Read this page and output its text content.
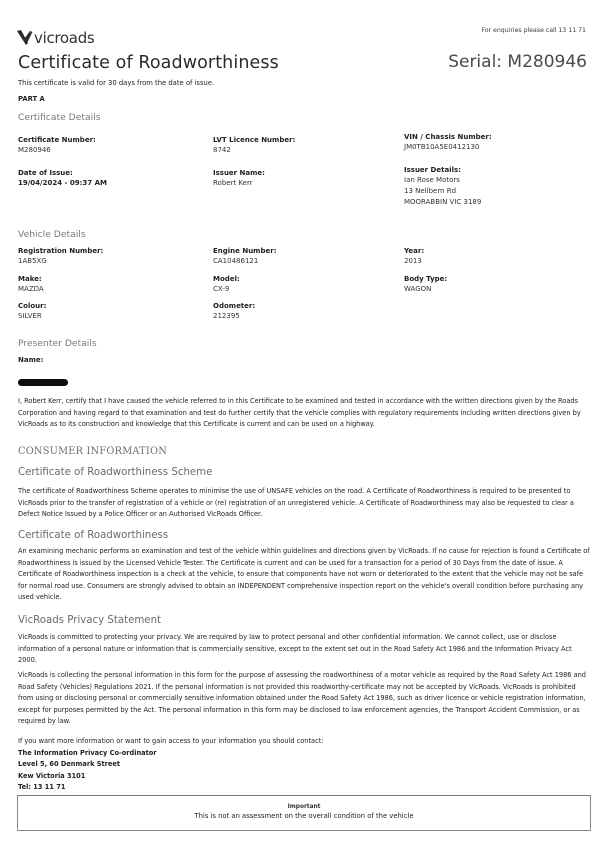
For enquiries please call 13 11 71
vicroads
Certificate of Roadworthiness	Serial: M280946
This certificate is valid for 30 days from the date of issue.
PART A
Certificate Details
Certificate Number:
M280946
LVT Licence Number:
8742
VIN / Chassis Number:
JM0TB10A5E0412130
Date of Issue:
19/04/2024 - 09:37 AM
Issuer Name:
Robert Kerr
Issuer Details:
Ian Rose Motors
13 Nellbern Rd
MOORABBIN VIC 3189
Vehicle Details
Registration Number:
1AB5XG
Engine Number:
CA10486121
Year:
2013
Make:
MAZDA
Model:
CX-9
Body Type:
WAGON
Colour:
SILVER
Odometer:
212395
Presenter Details
Name:
I, Robert Kerr, certify that I have caused the vehicle referred to in this Certificate to be examined and tested in accordance with the written directions given by the Roads Corporation and having regard to that examination and test do further certify that the vehicle complies with regulatory requirements including written directions given by VicRoads as to its construction and knowledge that this Certificate is current and can be used on a highway.
CONSUMER INFORMATION
Certificate of Roadworthiness Scheme
The certificate of Roadworthiness Scheme operates to minimise the use of UNSAFE vehicles on the road. A Certificate of Roadworthiness is required to be presented to VicRoads prior to the transfer of registration of a vehicle or (re) registration of an unregistered vehicle. A Certificate of Roadworthiness may also be requested to clear a Defect Notice Issued by a Police Officer or an Authorised VicRoads Officer.
Certificate of Roadworthiness
An examining mechanic performs an examination and test of the vehicle within guidelines and directions given by VicRoads. If no cause for rejection is found a Certificate of Roadworthiness is issued by the Licensed Vehicle Tester. The Certificate is current and can be used for a transaction for a period of 30 Days from the date of issue. A Certificate of Roadworthiness inspection is a check at the vehicle, to ensure that components have not worn or deteriorated to the extent that the vehicle may not be safe for normal road use. Consumers are strongly advised to obtain an INDEPENDENT comprehensive inspection report on the vehicle's overall condition before purchasing any used vehicle.
VicRoads Privacy Statement
VicRoads is committed to protecting your privacy. We are required by law to protect personal and other confidential information. We cannot collect, use or disclose information of a personal nature or information that is commercially sensitive, except to the extent set out in the Road Safety Act 1986 and the Information Privacy Act 2000.
VicRoads is collecting the personal information in this form for the purpose of assessing the roadworthiness of a motor vehicle as required by the Road Safety Act 1986 and Road Safety (Vehicles) Regulations 2021. If the personal information is not provided this roadworthy-certificate may not be accepted by VicRoads. VicRoads is prohibited from using or disclosing personal or commercially sensitive information obtained under the Road Safety Act 1986, such as driver licence or vehicle registration information, except for purposes permitted by the Act. The personal information in this form may be disclosed to law enforcement agencies, the Transport Accident Commission, or as required by law.
If you want more information or want to gain access to your information you should contact:
The Information Privacy Co-ordinator
Level 5, 60 Denmark Street
Kew Victoria 3101
Tel: 13 11 71
Important
This is not an assessment on the overall condition of the vehicle
